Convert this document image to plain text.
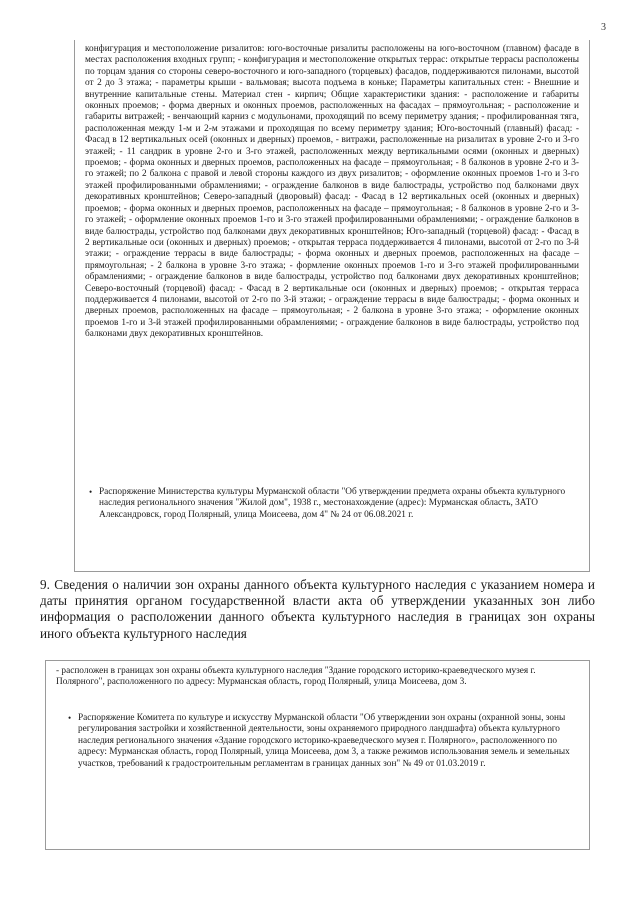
3

конфигурация и местоположение ризалитов: юго-восточные ризалиты расположены на юго-восточном (главном) фасаде в местах расположения входных групп; - конфигурация и местоположение открытых террас: открытые террасы расположены по торцам здания со стороны северо-восточного и юго-западного (торцевых) фасадов, поддерживаются пилонами, высотой от 2 до 3 этажа; - параметры крыши - вальмовая; высота подъема в коньке; Параметры капитальных стен: - Внешние и внутренние капитальные стены. Материал стен - кирпич; Общие характеристики здания: - расположение и габариты оконных проемов; - форма дверных и оконных проемов, расположенных на фасадах – прямоугольная; - расположение и габариты витражей; - венчающий карниз с модульонами, проходящий по всему периметру здания; - профилированная тяга, расположенная между 1-м и 2-м этажами и проходящая по всему периметру здания; Юго-восточный (главный) фасад: - Фасад в 12 вертикальных осей (оконных и дверных) проемов, - витражи, расположенные на ризалитах в уровне 2-го и 3-го этажей; - 11 сандрик в уровне 2-го и 3-го этажей, расположенных между вертикальными осями (оконных и дверных) проемов; - форма оконных и дверных проемов, расположенных на фасаде – прямоугольная; - 8 балконов в уровне 2-го и 3-го этажей; по 2 балкона с правой и левой стороны каждого из двух ризалитов; - оформление оконных проемов 1-го и 3-го этажей профилированными обрамлениями; - ограждение балконов в виде балюстрады, устройство под балконами двух декоративных кронштейнов; Северо-западный (дворовый) фасад: - Фасад в 12 вертикальных осей (оконных и дверных) проемов; - форма оконных и дверных проемов, расположенных на фасаде – прямоугольная; - 8 балконов в уровне 2-го и 3-го этажей; - оформление оконных проемов 1-го и 3-го этажей профилированными обрамлениями; - ограждение балконов в виде балюстрады, устройство под балконами двух декоративных кронштейнов; Юго-западный (торцевой) фасад: - Фасад в 2 вертикальные оси (оконных и дверных) проемов; - открытая терраса поддерживается 4 пилонами, высотой от 2-го по 3-й этажи; - ограждение террасы в виде балюстрады; - форма оконных и дверных проемов, расположенных на фасаде – прямоугольная; - 2 балкона в уровне 3-го этажа; - формление оконных проемов 1-го и 3-го этажей профилированными обрамлениями; - ограждение балконов в виде балюстрады, устройство под балконами двух декоративных кронштейнов; Северо-восточный (торцевой) фасад: - Фасад в 2 вертикальные оси (оконных и дверных) проемов; - открытая терраса поддерживается 4 пилонами, высотой от 2-го по 3-й этажи; - ограждение террасы в виде балюстрады; - форма оконных и дверных проемов, расположенных на фасаде – прямоугольная; - 2 балкона в уровне 3-го этажа; - оформление оконных проемов 1-го и 3-й этажей профилированными обрамлениями; - ограждение балконов в виде балюстрады, устройство под балконами двух декоративных кронштейнов.

• Распоряжение Министерства культуры Мурманской области "Об утверждении предмета охраны объекта культурного наследия регионального значения "Жилой дом", 1938 г., местонахождение (адрес): Мурманская область, ЗАТО Александровск, город Полярный, улица Моисеева, дом 4" № 24 от 06.08.2021 г.

9. Сведения о наличии зон охраны данного объекта культурного наследия с указанием номера и даты принятия органом государственной власти акта об утверждении указанных зон либо информация о расположении данного объекта культурного наследия в границах зон охраны иного объекта культурного наследия

- расположен в границах зон охраны объекта культурного наследия "Здание городского историко-краеведческого музея г. Полярного", расположенного по адресу: Мурманская область, город Полярный, улица Моисеева, дом 3.

• Распоряжение Комитета по культуре и искусству Мурманской области "Об утверждении зон охраны (охранной зоны, зоны регулирования застройки и хозяйственной деятельности, зоны охраняемого природного ландшафта) объекта культурного наследия регионального значения «Здание городского историко-краеведческого музея г. Полярного», расположенного по адресу: Мурманская область, город Полярный, улица Моисеева, дом 3, а также режимов использования земель и земельных участков, требований к градостроительным регламентам в границах данных зон" № 49 от 01.03.2019 г.
